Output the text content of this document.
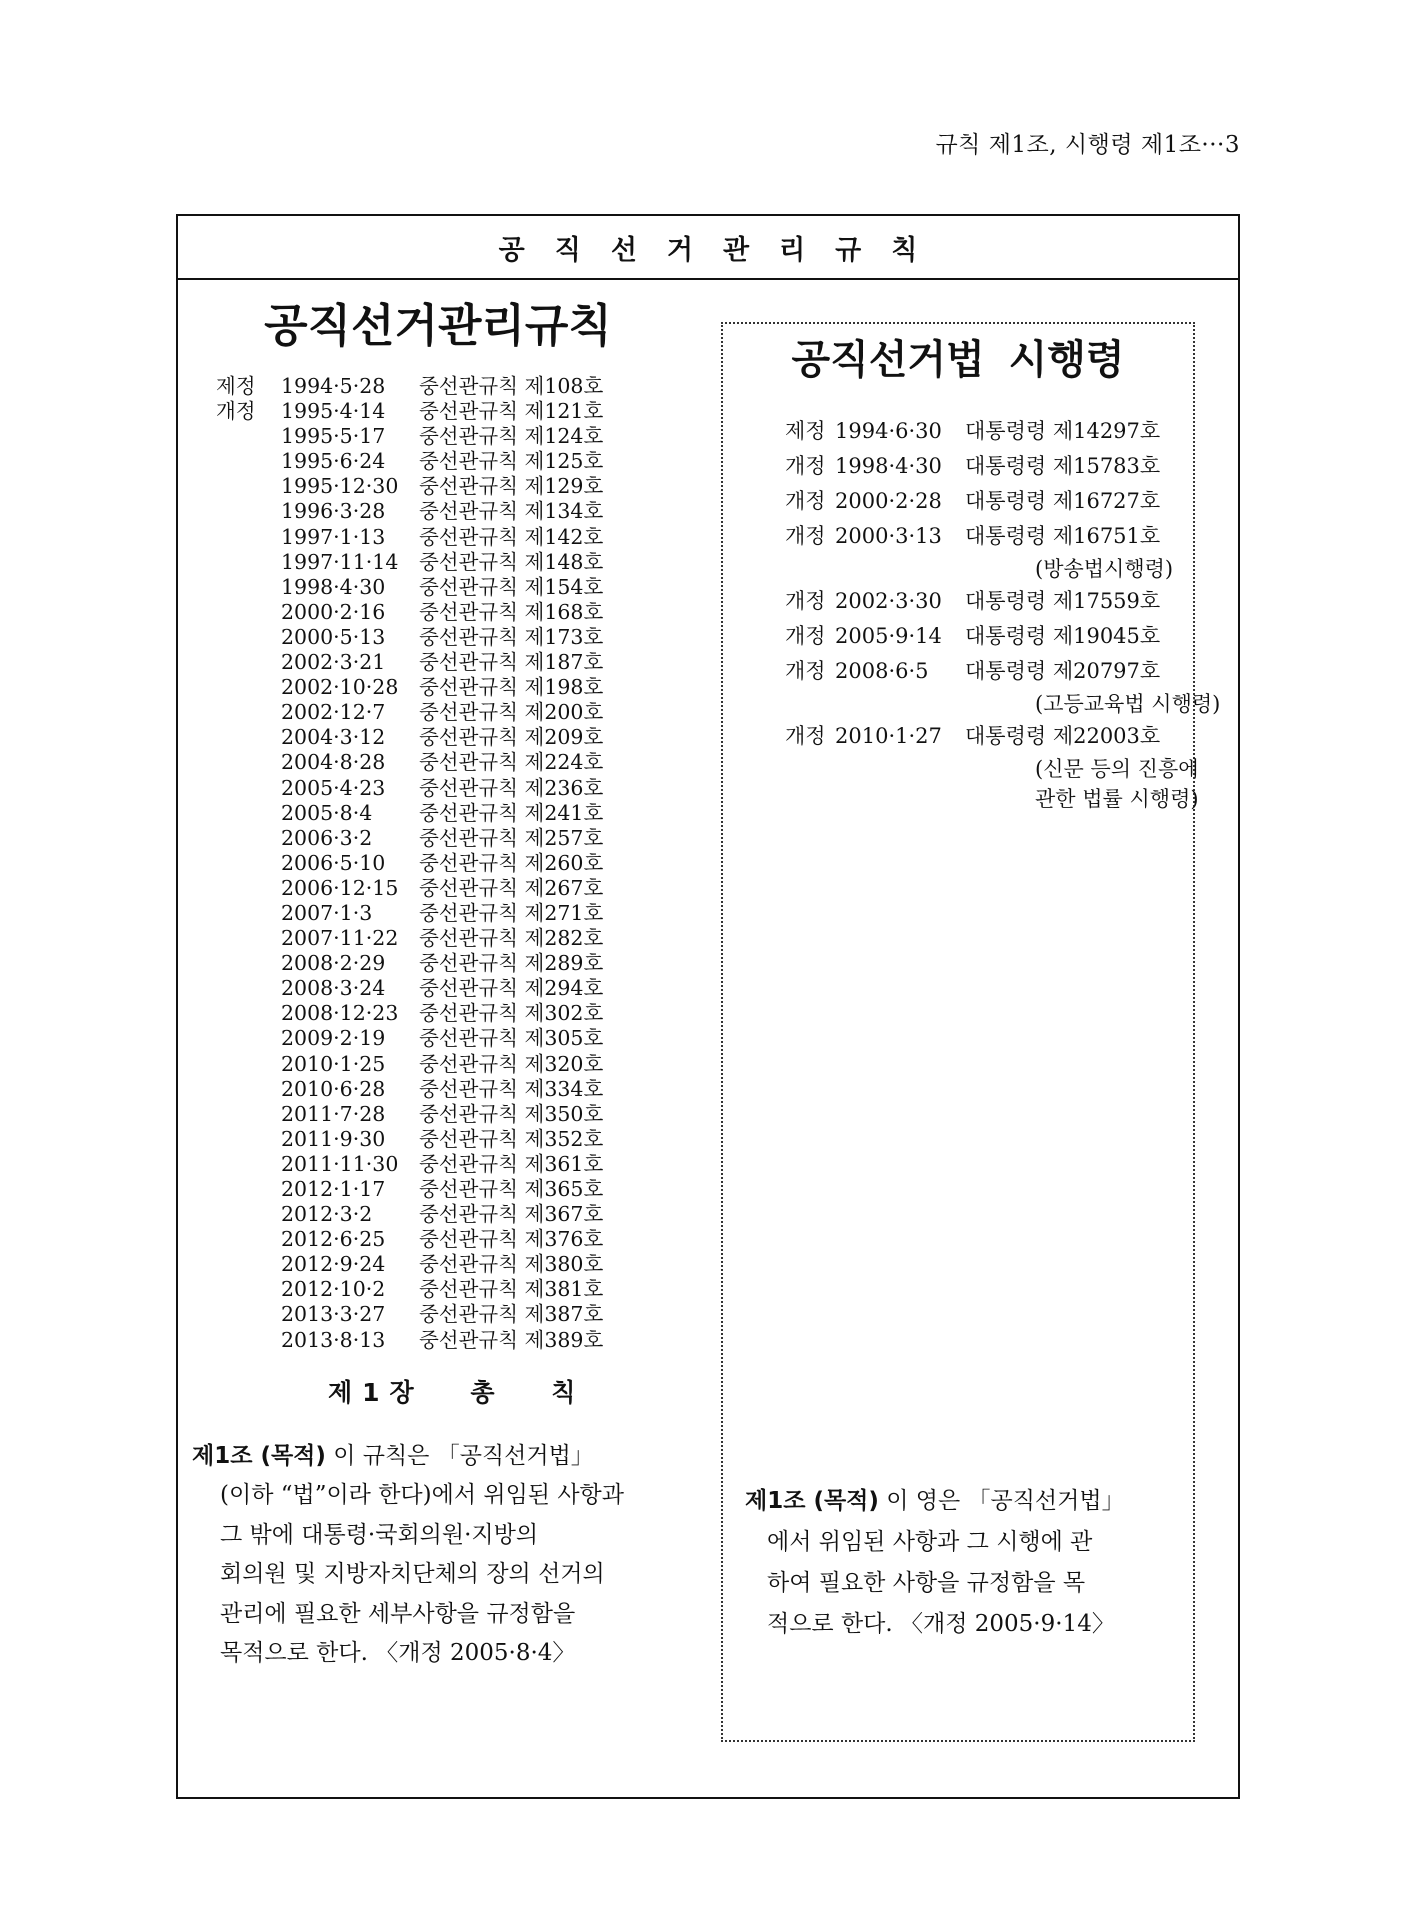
규칙 제1조, 시행령 제1조···3
공직선거관리규칙
공직선거관리규칙
제정	1994·5·28	중선관규칙 제108호
개정	1995·4·14	중선관규칙 제121호
1995·5·17	중선관규칙 제124호
1995·6·24	중선관규칙 제125호
1995·12·30	중선관규칙 제129호
1996·3·28	중선관규칙 제134호
1997·1·13	중선관규칙 제142호
1997·11·14	중선관규칙 제148호
1998·4·30	중선관규칙 제154호
2000·2·16	중선관규칙 제168호
2000·5·13	중선관규칙 제173호
2002·3·21	중선관규칙 제187호
2002·10·28	중선관규칙 제198호
2002·12·7	중선관규칙 제200호
2004·3·12	중선관규칙 제209호
2004·8·28	중선관규칙 제224호
2005·4·23	중선관규칙 제236호
2005·8·4	중선관규칙 제241호
2006·3·2	중선관규칙 제257호
2006·5·10	중선관규칙 제260호
2006·12·15	중선관규칙 제267호
2007·1·3	중선관규칙 제271호
2007·11·22	중선관규칙 제282호
2008·2·29	중선관규칙 제289호
2008·3·24	중선관규칙 제294호
2008·12·23	중선관규칙 제302호
2009·2·19	중선관규칙 제305호
2010·1·25	중선관규칙 제320호
2010·6·28	중선관규칙 제334호
2011·7·28	중선관규칙 제350호
2011·9·30	중선관규칙 제352호
2011·11·30	중선관규칙 제361호
2012·1·17	중선관규칙 제365호
2012·3·2	중선관규칙 제367호
2012·6·25	중선관규칙 제376호
2012·9·24	중선관규칙 제380호
2012·10·2	중선관규칙 제381호
2013·3·27	중선관규칙 제387호
2013·8·13	중선관규칙 제389호
제1장 총 칙
제1조 (목적) 이 규칙은 「공직선거법」
(이하 “법”이라 한다)에서 위임된 사항과
그 밖에 대통령·국회의원·지방의
회의원 및 지방자치단체의 장의 선거의
관리에 필요한 세부사항을 규정함을
목적으로 한다. 〈개정 2005·8·4〉
공직선거법 시행령
제정 1994·6·30	대통령령 제14297호
개정 1998·4·30	대통령령 제15783호
개정 2000·2·28	대통령령 제16727호
개정 2000·3·13	대통령령 제16751호
(방송법시행령)
개정 2002·3·30	대통령령 제17559호
개정 2005·9·14	대통령령 제19045호
개정 2008·6·5	대통령령 제20797호
(고등교육법 시행령)
개정 2010·1·27	대통령령 제22003호
(신문 등의 진흥에
관한 법률 시행령)
제1조 (목적) 이 영은 「공직선거법」
에서 위임된 사항과 그 시행에 관
하여 필요한 사항을 규정함을 목
적으로 한다. 〈개정 2005·9·14〉
